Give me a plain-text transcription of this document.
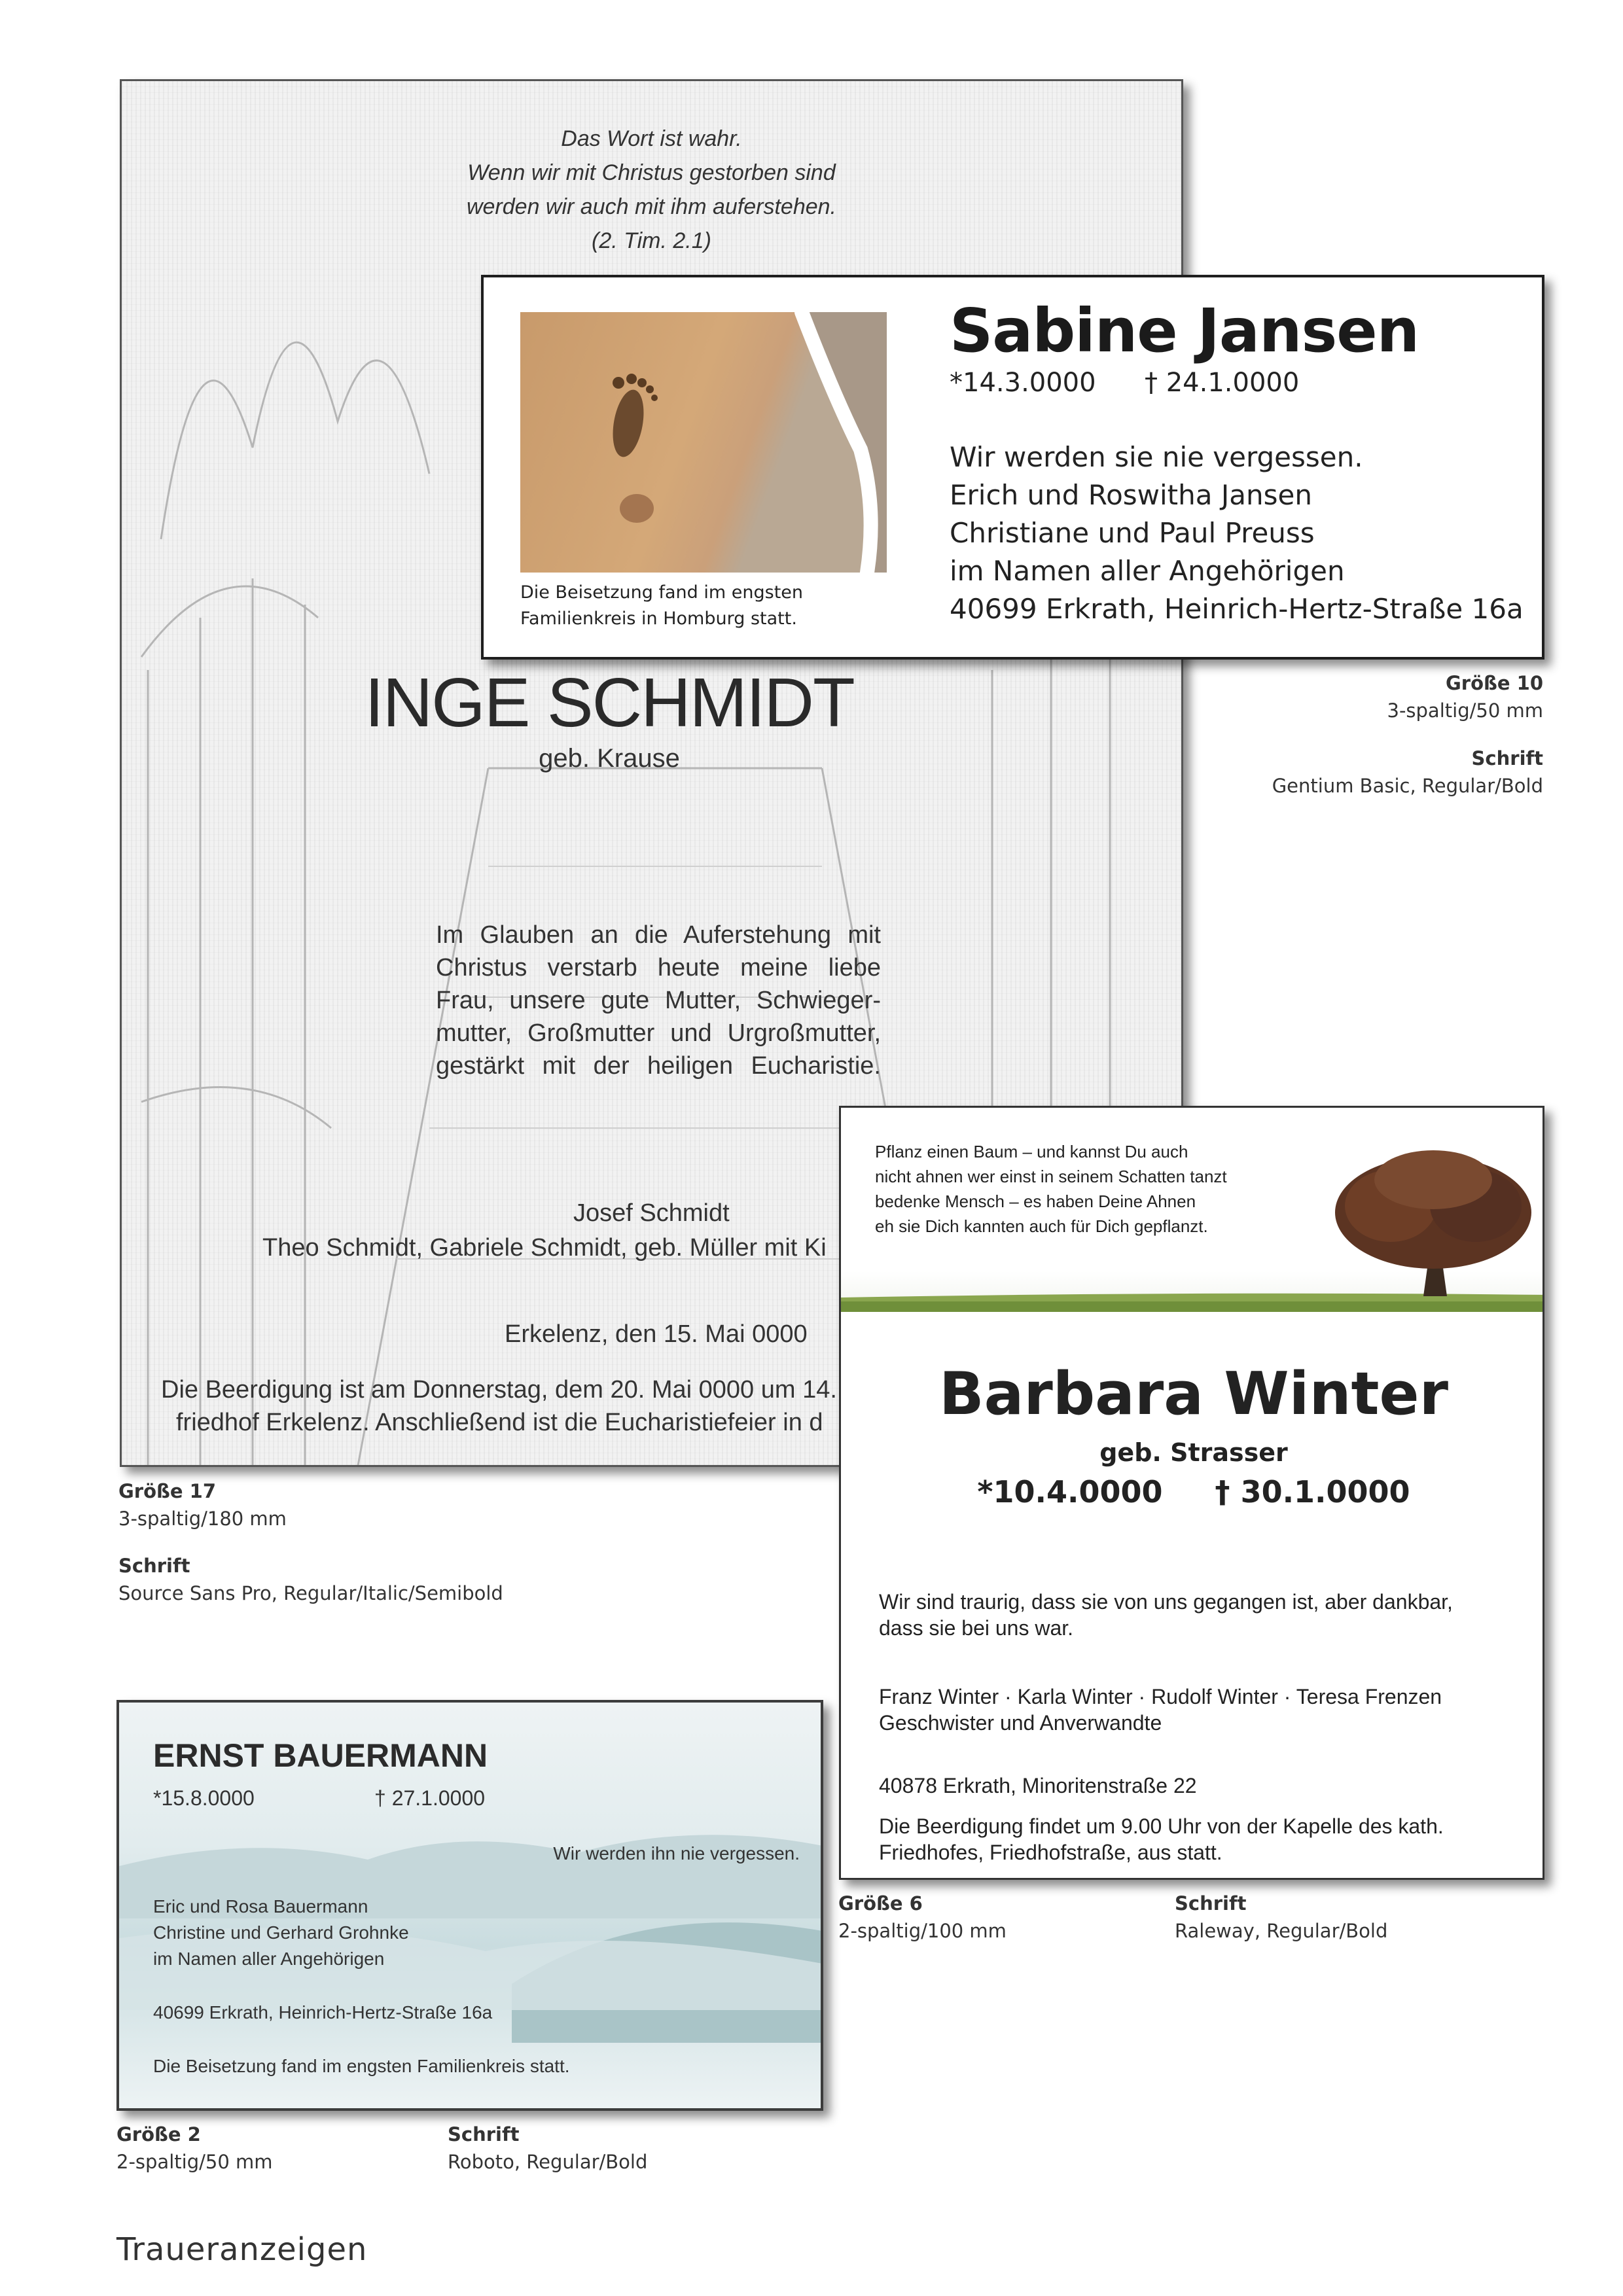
Das Wort ist wahr.
Wenn wir mit Christus gestorben sind
werden wir auch mit ihm auferstehen.
(2. Tim. 2.1)
INGE SCHMIDT
geb. Krause
Im Glauben an die Auferstehung mit
Christus verstarb heute meine liebe
Frau, unsere gute Mutter, Schwieger-
mutter, Großmutter und Urgroßmutter,
gestärkt mit der heiligen Eucharistie.
Josef Schmidt
Theo Schmidt, Gabriele Schmidt, geb. Müller mit Ki
Erkelenz, den 15. Mai 0000
Die Beerdigung ist am Donnerstag, dem 20. Mai 0000 um 14.
friedhof Erkelenz. Anschließend ist die Eucharistiefeier in d
Größe 17
3-spaltig/180 mm
Schrift
Source Sans Pro, Regular/Italic/Semibold
Die Beisetzung fand im engsten
Familienkreis in Homburg statt.
Sabine Jansen
*14.3.0000 † 24.1.0000
Wir werden sie nie vergessen.
Erich und Roswitha Jansen
Christiane und Paul Preuss
im Namen aller Angehörigen
40699 Erkrath, Heinrich-Hertz-Straße 16a
Größe 10
3-spaltig/50 mm
Schrift
Gentium Basic, Regular/Bold
Pflanz einen Baum – und kannst Du auch
nicht ahnen wer einst in seinem Schatten tanzt
bedenke Mensch – es haben Deine Ahnen
eh sie Dich kannten auch für Dich gepflanzt.
Barbara Winter
geb. Strasser
*10.4.0000     † 30.1.0000
Wir sind traurig, dass sie von uns gegangen ist, aber dankbar,
dass sie bei uns war.
Franz Winter · Karla Winter · Rudolf Winter · Teresa Frenzen
Geschwister und Anverwandte
40878 Erkrath, Minoritenstraße 22
Die Beerdigung findet um 9.00 Uhr von der Kapelle des kath.
Friedhofes, Friedhofstraße, aus statt.
Größe 6
2-spaltig/100 mm
Schrift
Raleway, Regular/Bold
ERNST BAUERMANN
*15.8.0000	† 27.1.0000
Wir werden ihn nie vergessen.
Eric und Rosa Bauermann
Christine und Gerhard Grohnke
im Namen aller Angehörigen
40699 Erkrath, Heinrich-Hertz-Straße 16a
Die Beisetzung fand im engsten Familienkreis statt.
Größe 2
2-spaltig/50 mm
Schrift
Roboto, Regular/Bold
Traueranzeigen
